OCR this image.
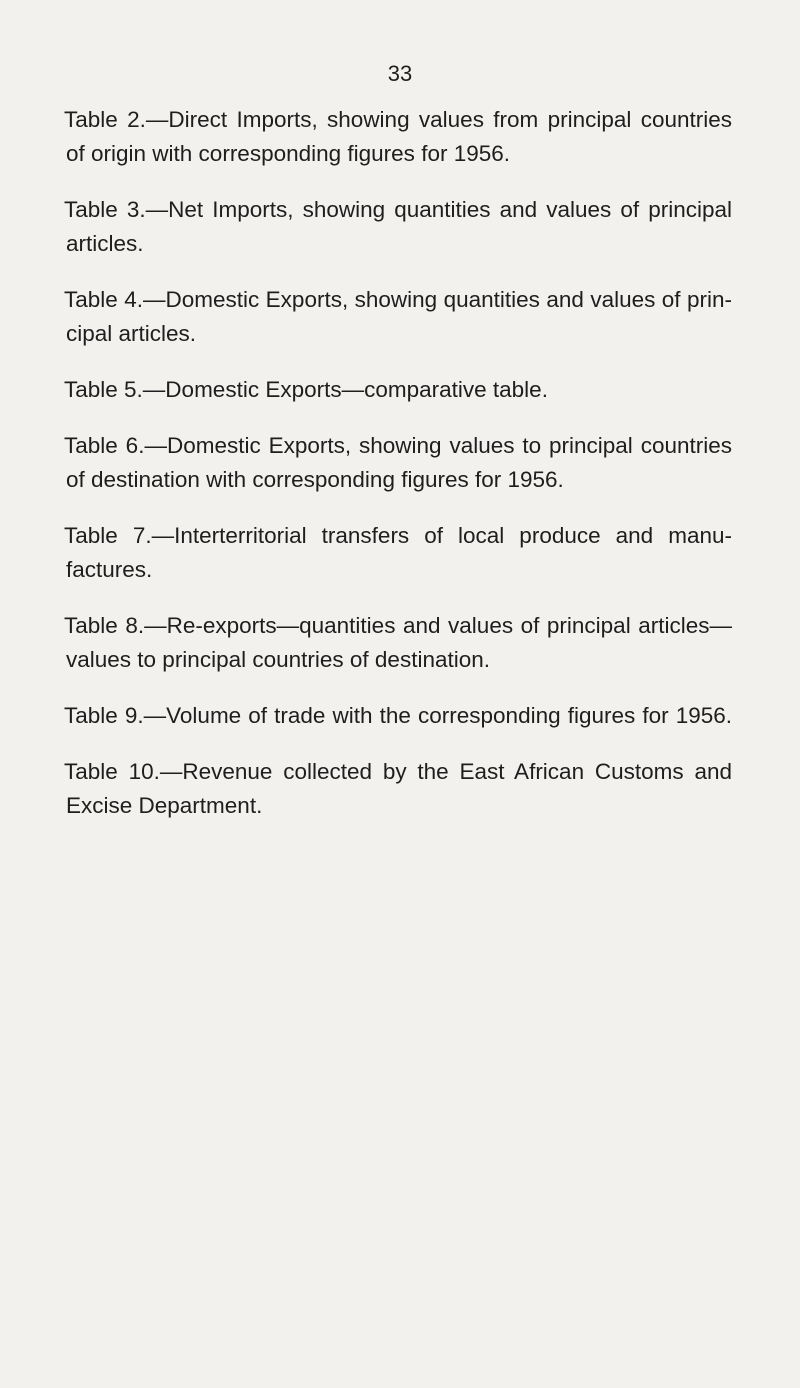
33

Table 2.—Direct Imports, showing values from principal countries
of origin with corresponding figures for 1956.

Table 3.—Net Imports, showing quantities and values of principal
articles.

Table 4.—Domestic Exports, showing quantities and values of prin-
cipal articles.

Table 5.—Domestic Exports—comparative table.

Table 6.—Domestic Exports, showing values to principal countries
of destination with corresponding figures for 1956.

Table 7.—Interterritorial transfers of local produce and manu-
factures.

Table 8.—Re-exports—quantities and values of principal articles—
values to principal countries of destination.

Table 9.—Volume of trade with the corresponding figures for 1956.

Table 10.—Revenue collected by the East African Customs and
Excise Department.
